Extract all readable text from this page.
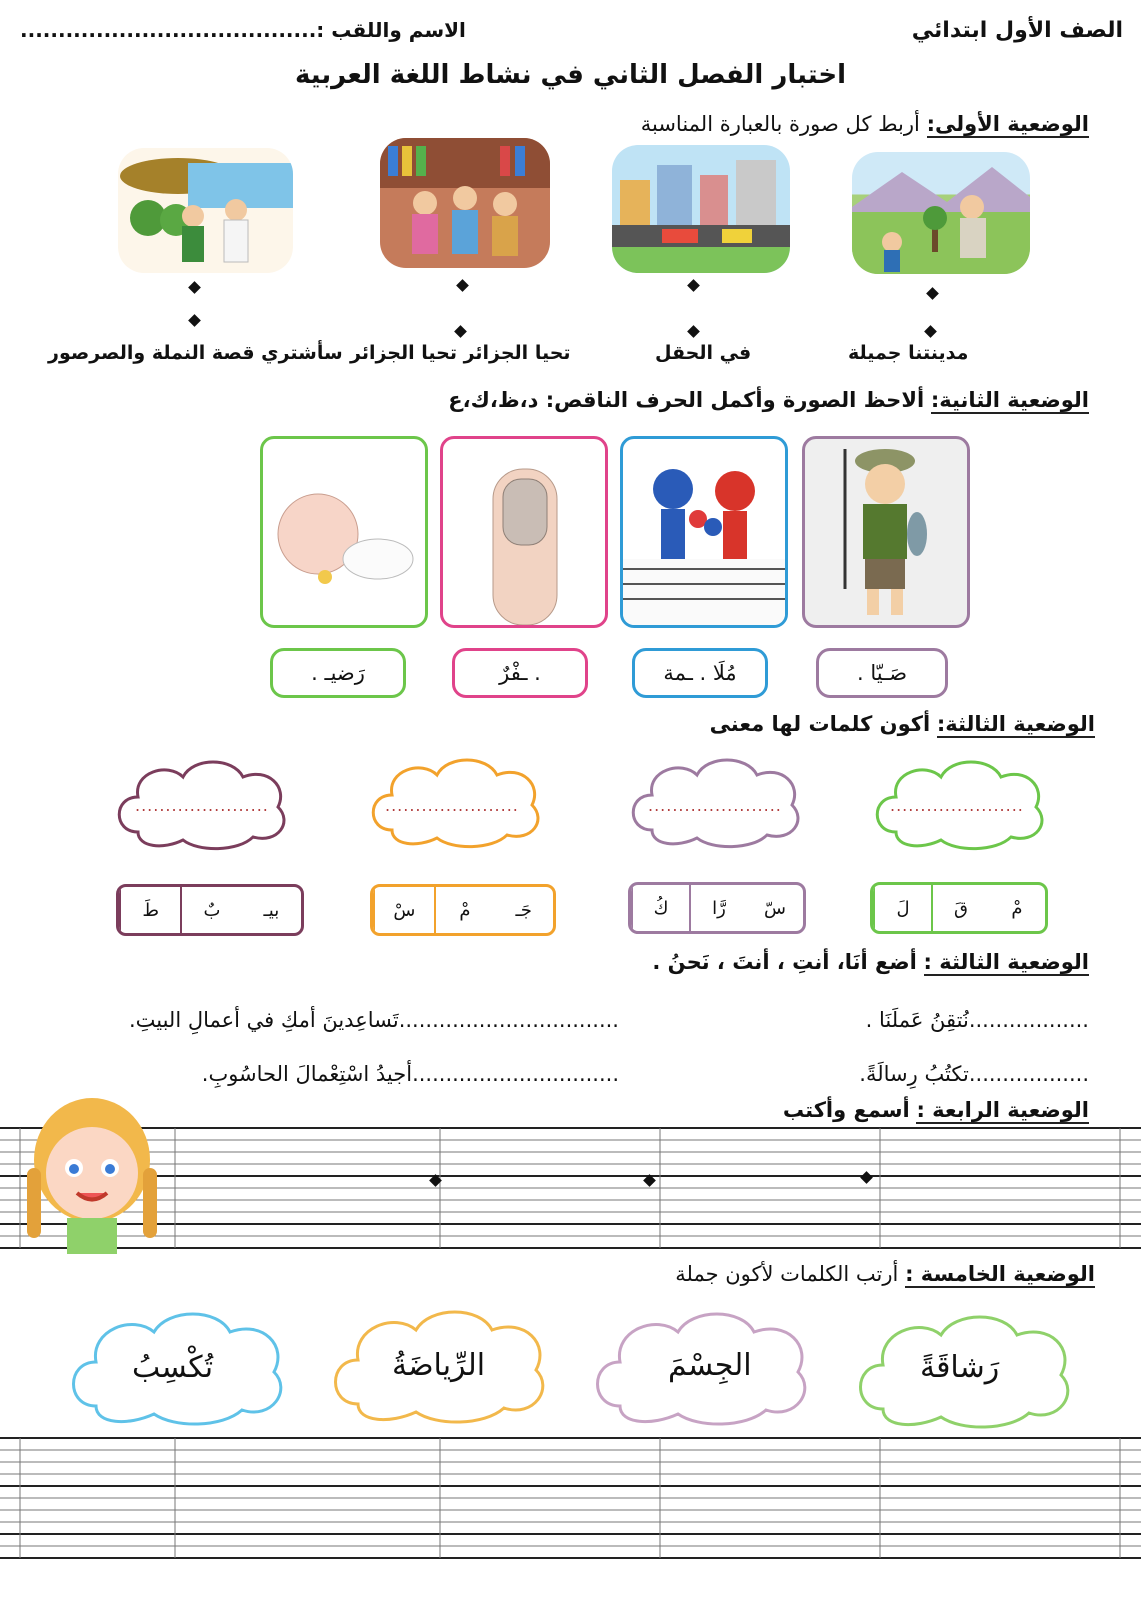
الصف الأول ابتدائي
الاسم واللقب :.......................................
اختبار الفصل الثاني في نشاط اللغة العربية
الوضعية الأولى: أربط كل صورة بالعبارة المناسبة
مدينتنا جميلة
في الحقل
تحيا الجزائر تحيا الجزائر
سأشتري قصة النملة والصرصور
الوضعية الثانية: ألاحظ الصورة وأكمل الحرف الناقص: د،ظ،ك،ع
صَـيّا .
مُلَا . ـمة
. ـفْرٌ
رَضيـ .
الوضعية الثالثة: أكون كلمات لها معنى
......................
......................
......................
......................
مْ
قَ
لَ
سّ
رَّا
كُ
جَـ
مْ
سْ
بيـ
بٌ
طَ
الوضعية الثالثة : أضع أنَا، أنتِ ، أنتَ ، نَحنُ .
..................نُتقِنُ عَملَنَا .
.................................تَساعِدينَ أمكِ في أعمالِ البيتِ.
..................تكتُبُ رِسالَةً.
...............................أجيدُ اسْتِعْمالَ الحاسُوبِ.
الوضعية الرابعة : أسمع وأكتب
الوضعية الخامسة : أرتب الكلمات لأكون جملة
رَشاقَةً
الجِسْمَ
الرِّياضَةُ
تُكْسِبُ
